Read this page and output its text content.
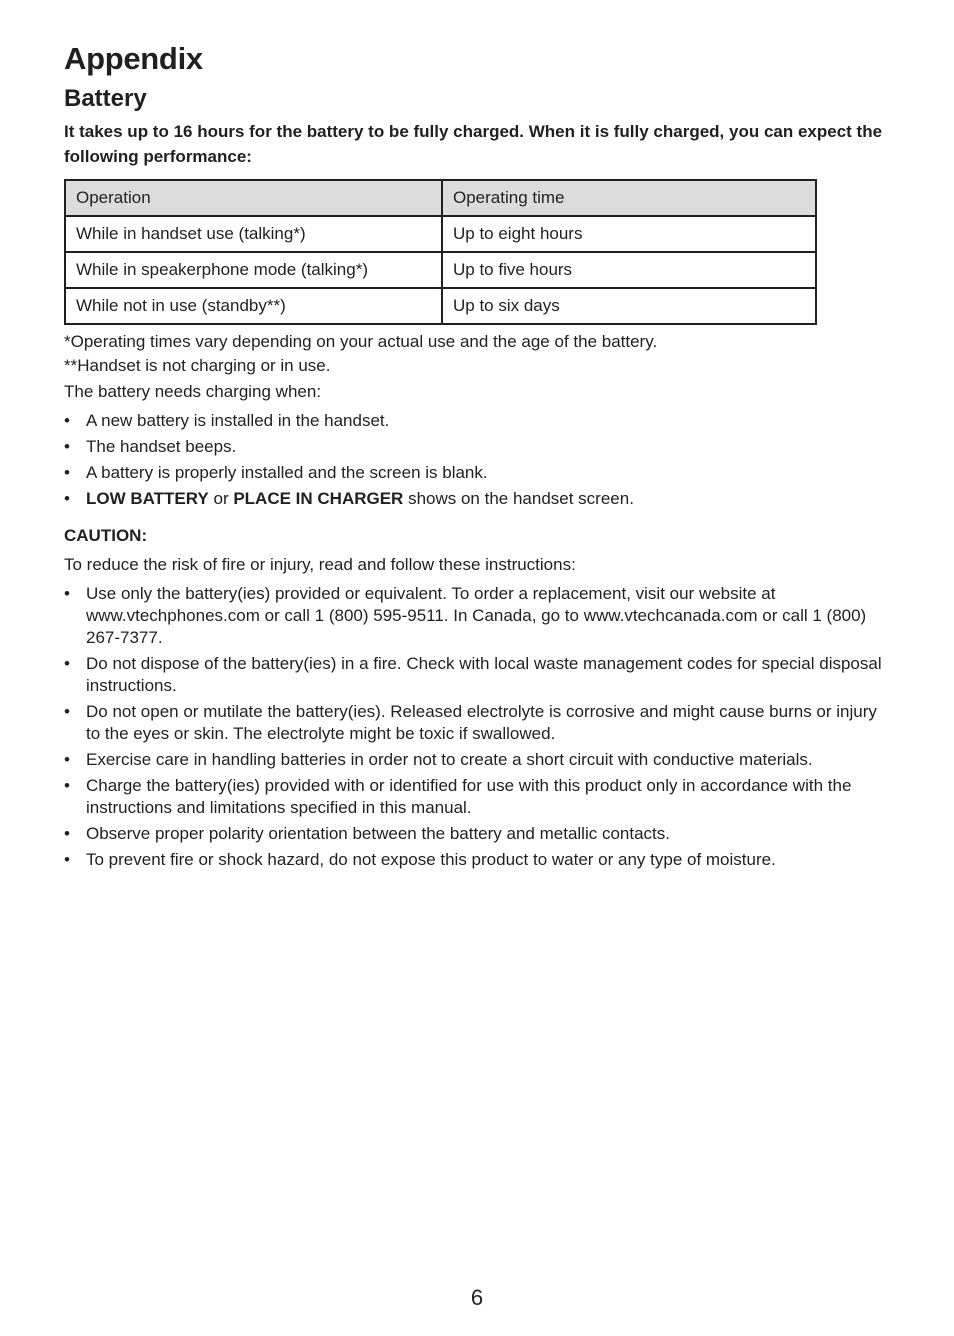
Appendix
Battery

It takes up to 16 hours for the battery to be fully charged. When it is fully charged, you can expect the following performance:

Operation	Operating time
While in handset use (talking*)	Up to eight hours
While in speakerphone mode (talking*)	Up to five hours
While not in use (standby**)	Up to six days

*Operating times vary depending on your actual use and the age of the battery.

**Handset is not charging or in use.

The battery needs charging when:

• A new battery is installed in the handset.
• The handset beeps.
• A battery is properly installed and the screen is blank.
• LOW BATTERY or PLACE IN CHARGER shows on the handset screen.

CAUTION:

To reduce the risk of fire or injury, read and follow these instructions:

• Use only the battery(ies) provided or equivalent. To order a replacement, visit our website at www.vtechphones.com or call 1 (800) 595-9511. In Canada, go to www.vtechcanada.com or call 1 (800) 267-7377.
• Do not dispose of the battery(ies) in a fire. Check with local waste management codes for special disposal instructions.
• Do not open or mutilate the battery(ies). Released electrolyte is corrosive and might cause burns or injury to the eyes or skin. The electrolyte might be toxic if swallowed.
• Exercise care in handling batteries in order not to create a short circuit with conductive materials.
• Charge the battery(ies) provided with or identified for use with this product only in accordance with the instructions and limitations specified in this manual.
• Observe proper polarity orientation between the battery and metallic contacts.
• To prevent fire or shock hazard, do not expose this product to water or any type of moisture.
6
